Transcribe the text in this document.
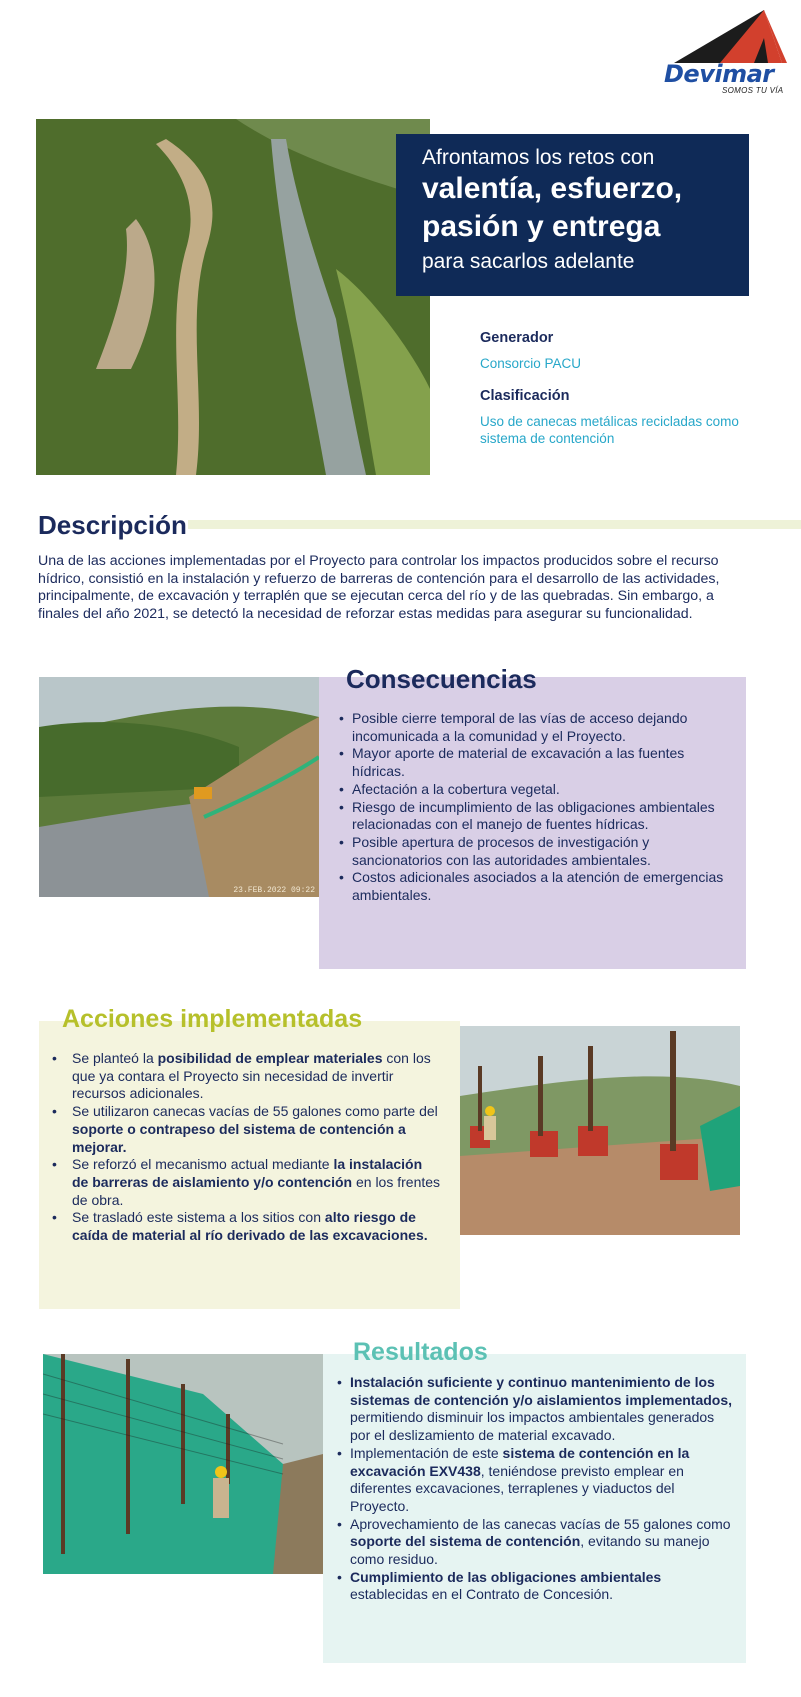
Devimar
SOMOS TU VÍA
Afrontamos los retos con
valentía, esfuerzo,
pasión y entrega
para sacarlos adelante
Generador
Consorcio PACU
Clasificación
Uso de canecas metálicas recicladas como sistema de contención
Descripción
Una de las acciones implementadas por el Proyecto para controlar los impactos producidos sobre el recurso hídrico, consistió en la instalación y refuerzo de barreras de contención para el desarrollo de las actividades, principalmente, de excavación y terraplén que se ejecutan cerca del río y de las quebradas. Sin embargo, a finales del año 2021, se detectó la necesidad de reforzar estas medidas para asegurar su funcionalidad.
23.FEB.2022 09:22
Consecuencias
• Posible cierre temporal de las vías de acceso dejando incomunicada a la comunidad y el Proyecto.
• Mayor aporte de material de excavación a las fuentes hídricas.
• Afectación a la cobertura vegetal.
• Riesgo de incumplimiento de las obligaciones ambientales relacionadas con el manejo de fuentes hídricas.
• Posible apertura de procesos de investigación y sancionatorios con las autoridades ambientales.
• Costos adicionales asociados a la atención de emergencias ambientales.
Acciones implementadas
• Se planteó la posibilidad de emplear materiales con los que ya contara el Proyecto sin necesidad de invertir recursos adicionales.
• Se utilizaron canecas vacías de 55 galones como parte del soporte o contrapeso del sistema de contención a mejorar.
• Se reforzó el mecanismo actual mediante la instalación de barreras de aislamiento y/o contención en los frentes de obra.
• Se trasladó este sistema a los sitios con alto riesgo de caída de material al río derivado de las excavaciones.
Resultados
• Instalación suficiente y continuo mantenimiento de los sistemas de contención y/o aislamientos implementados, permitiendo disminuir los impactos ambientales generados por el deslizamiento de material excavado.
• Implementación de este sistema de contención en la excavación EXV438, teniéndose previsto emplear en diferentes excavaciones, terraplenes y viaductos del Proyecto.
• Aprovechamiento de las canecas vacías de 55 galones como soporte del sistema de contención, evitando su manejo como residuo.
• Cumplimiento de las obligaciones ambientales establecidas en el Contrato de Concesión.
